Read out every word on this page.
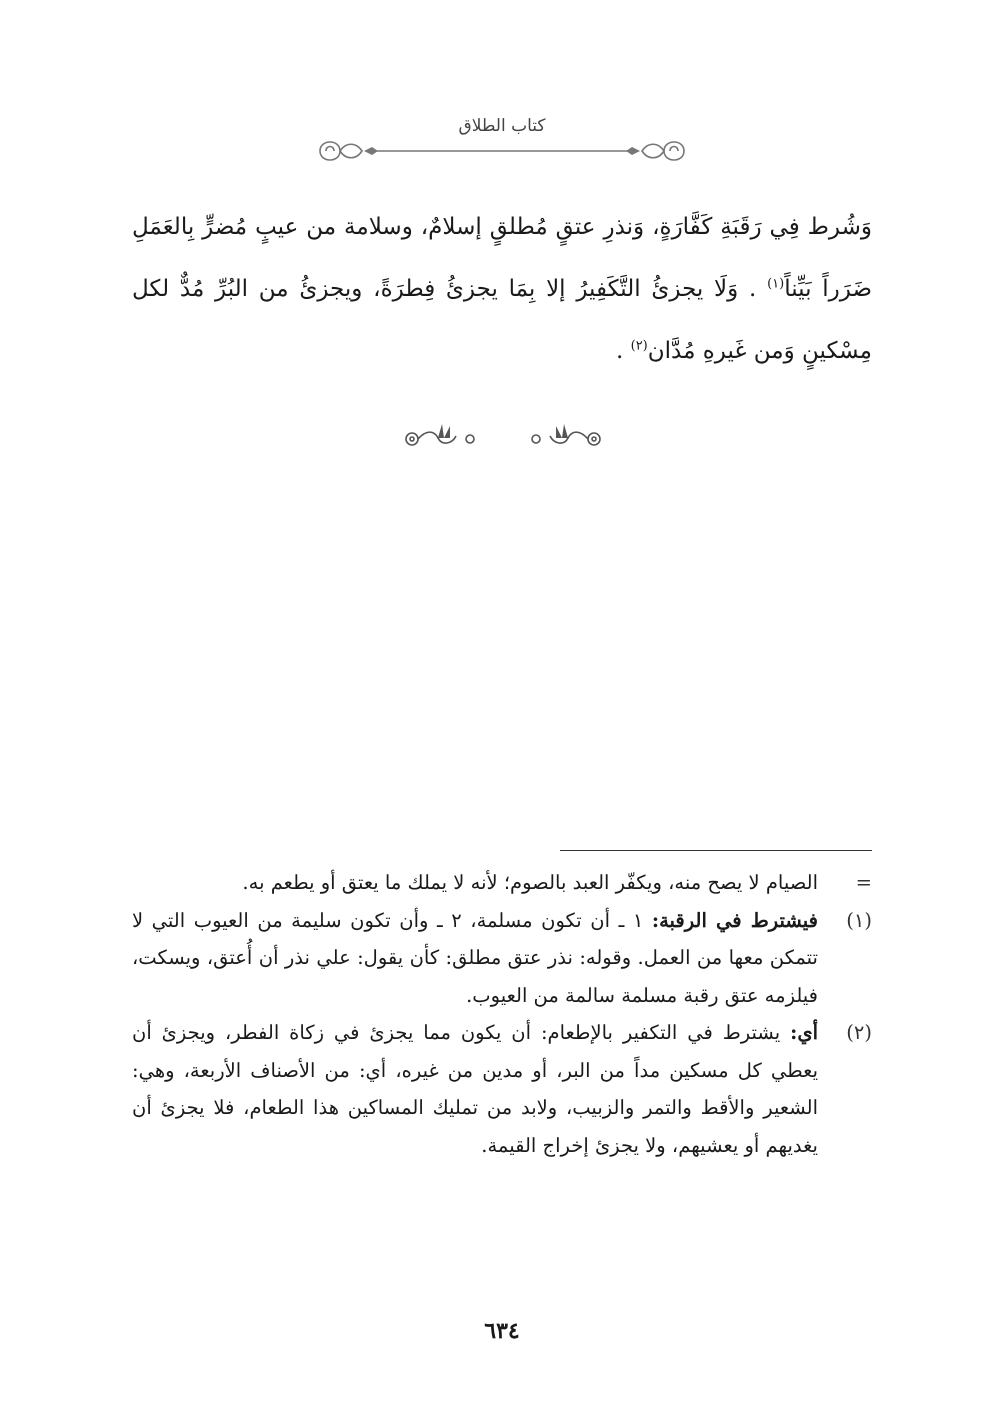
كتاب الطلاق
وَشُرط فِي رَقَبَةِ كَفَّارَةٍ، وَنذرِ عتقٍ مُطلقٍ إسلامٌ، وسلامة من عيبٍ مُضرٍّ بِالعَمَلِ ضَرَراً بَيِّناً$^{(١)}$ . وَلَا يجزئُ التَّكَفِيرُ إلا بِمَا يجزئُ فِطرَةً، ويجزئُ من البُرِّ مُدٌّ لكل مِسْكينٍ وَمن غَيرهِ مُدَّان$^{(٢)}$ .
=
الصيام لا يصح منه، ويكفّر العبد بالصوم؛ لأنه لا يملك ما يعتق أو يطعم به.
(١)
فيشترط في الرقبة: ١ ـ أن تكون مسلمة، ٢ ـ وأن تكون سليمة من العيوب التي لا تتمكن معها من العمل. وقوله: نذر عتق مطلق: كأن يقول: علي نذر أن أُعتق، ويسكت، فيلزمه عتق رقبة مسلمة سالمة من العيوب.
(٢)
أي: يشترط في التكفير بالإطعام: أن يكون مما يجزئ في زكاة الفطر، ويجزئ أن يعطي كل مسكين مداً من البر، أو مدين من غيره، أي: من الأصناف الأربعة، وهي: الشعير والأقط والتمر والزبيب، ولابد من تمليك المساكين هذا الطعام، فلا يجزئ أن يغديهم أو يعشيهم، ولا يجزئ إخراج القيمة.
٦٣٤
